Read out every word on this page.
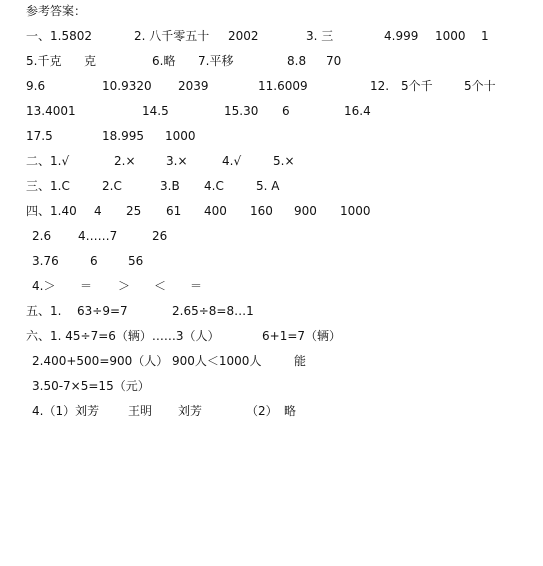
参考答案：
一、1.5802	2. 八千零五十 2002	3. 三	4.999 1000 1
5.千克 克	6.略 7.平移	8.8 70
9.6	10.9320 2039	11.6009	12. 5个千	5个十
13.4001	14.5	15.30 6	16.4
17.5	18.995 1000
二、1.√	2.×	3.×	4.√	5.×
三、1.C	2.C	3.B 4.C	5. A
四、1.40 4 25 61 400 160 900 1000
2.6 4……7	26
3.76	6	56
4.＞ ＝ ＞ ＜ ＝
五、1. 63÷9=7	2.65÷8=8…1
六、1. 45÷7=6（辆）……3（人）	6+1=7（辆）
2.400+500=900（人） 900人＜1000人	能
3.50-7×5=15（元）
4.（1）刘芳 王明 刘芳	（2） 略
